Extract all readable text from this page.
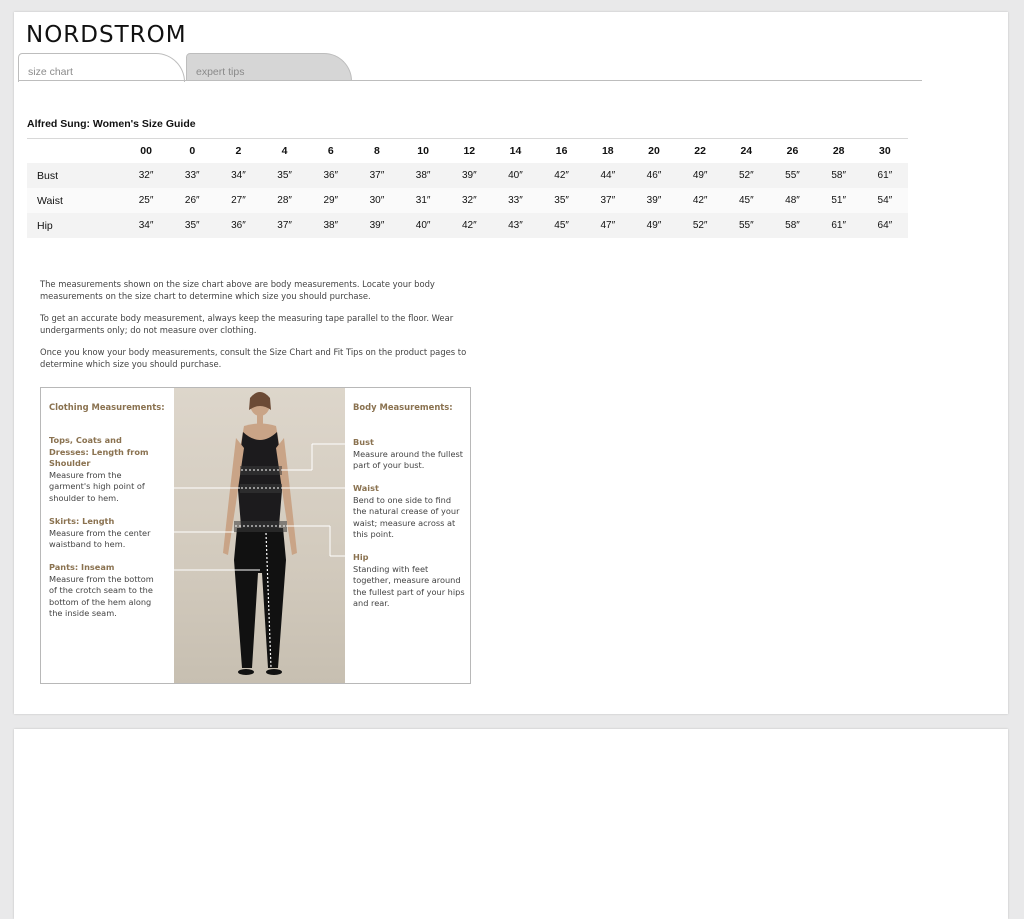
NORDSTROM
size chart	expert tips
Alfred Sung: Women's Size Guide
	00	0	2	4	6	8	10	12	14	16	18	20	22	24	26	28	30
Bust	32″	33″	34″	35″	36″	37″	38″	39″	40″	42″	44″	46″	49″	52″	55″	58″	61″
Waist	25″	26″	27″	28″	29″	30″	31″	32″	33″	35″	37″	39″	42″	45″	48″	51″	54″
Hip	34″	35″	36″	37″	38″	39″	40″	42″	43″	45″	47″	49″	52″	55″	58″	61″	64″

The measurements shown on the size chart above are body measurements. Locate your body measurements on the size chart to determine which size you should purchase.

To get an accurate body measurement, always keep the measuring tape parallel to the floor. Wear undergarments only; do not measure over clothing.

Once you know your body measurements, consult the Size Chart and Fit Tips on the product pages to determine which size you should purchase.

Clothing Measurements:
Tops, Coats and Dresses: Length from Shoulder
Measure from the garment's high point of shoulder to hem.
Skirts: Length
Measure from the center waistband to hem.
Pants: Inseam
Measure from the bottom of the crotch seam to the bottom of the hem along the inside seam.
Body Measurements:
Bust
Measure around the fullest part of your bust.
Waist
Bend to one side to find the natural crease of your waist; measure across at this point.
Hip
Standing with feet together, measure around the fullest part of your hips and rear.
